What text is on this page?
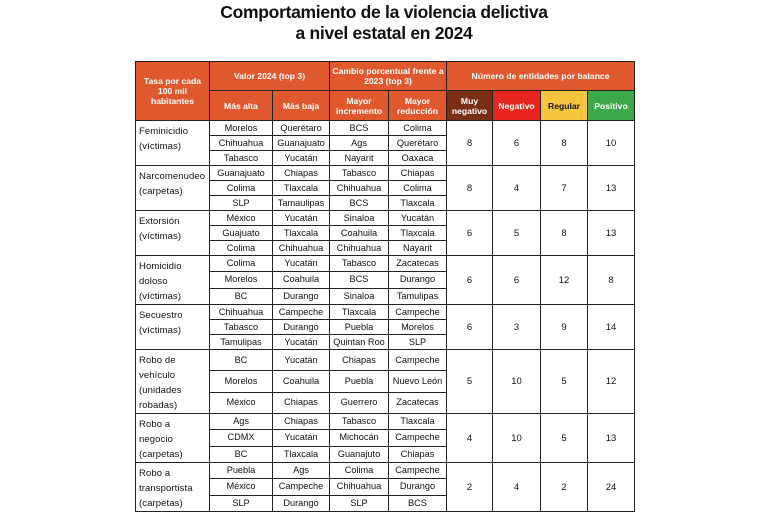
Comportamiento de la violencia delictiva
a nivel estatal en 2024
Tasa por cada 100 mil habitantes	Valor 2024 (top 3)		Cambio porcentual frente a 2023 (top 3)		Número de entidades por balance			
	Más alta	Más baja	Mayor incremento	Mayor reducción	Muy negativo	Negativo	Regular	Positivo
Feminicidio (víctimas)	Morelos	Querétaro	BCS	Colima	8	6	8	10
	Chihuahua	Guanajuato	Ags	Querétaro				
	Tabasco	Yucatán	Nayarit	Oaxaca				
Narcomenudeo (carpetas)	Guanajuato	Chiapas	Tabasco	Chiapas	8	4	7	13
	Colima	Tlaxcala	Chihuahua	Colima				
	SLP	Tamaulipas	BCS	Tlaxcala				
Extorsión (víctimas)	México	Yucatán	Sinaloa	Yucatán	6	5	8	13
	Guajuato	Tlaxcala	Coahuila	Tlaxcala				
	Colima	Chihuahua	Chihuahua	Nayarit				
Homicidio doloso (víctimas)	Colima	Yucatán	Tabasco	Zacatecas	6	6	12	8
	Morelos	Coahuila	BCS	Durango				
	BC	Durango	Sinaloa	Tamulipas				
Secuestro (víctimas)	Chihuahua	Campeche	Tlaxcala	Campeche	6	3	9	14
	Tabasco	Durango	Puebla	Morelos				
	Tamulipas	Yucatán	Quintan Roo	SLP				
Robo de vehículo (unidades robadas)	BC	Yucatán	Chiapas	Campeche	5	10	5	12
	Morelos	Coahuila	Puebla	Nuevo León				
	México	Chiapas	Guerrero	Zacatecas				
Robo a negocio (carpetas)	Ags	Chiapas	Tabasco	Tlaxcala	4	10	5	13
	CDMX	Yucatán	Michocán	Campeche				
	BC	Tlaxcala	Guanajuto	Chiapas				
Robo a transportista (carpetas)	Puebla	Ags	Colima	Campeche	2	4	2	24
	México	Campeche	Chihuahua	Durango				
	SLP	Durango	SLP	BCS				
